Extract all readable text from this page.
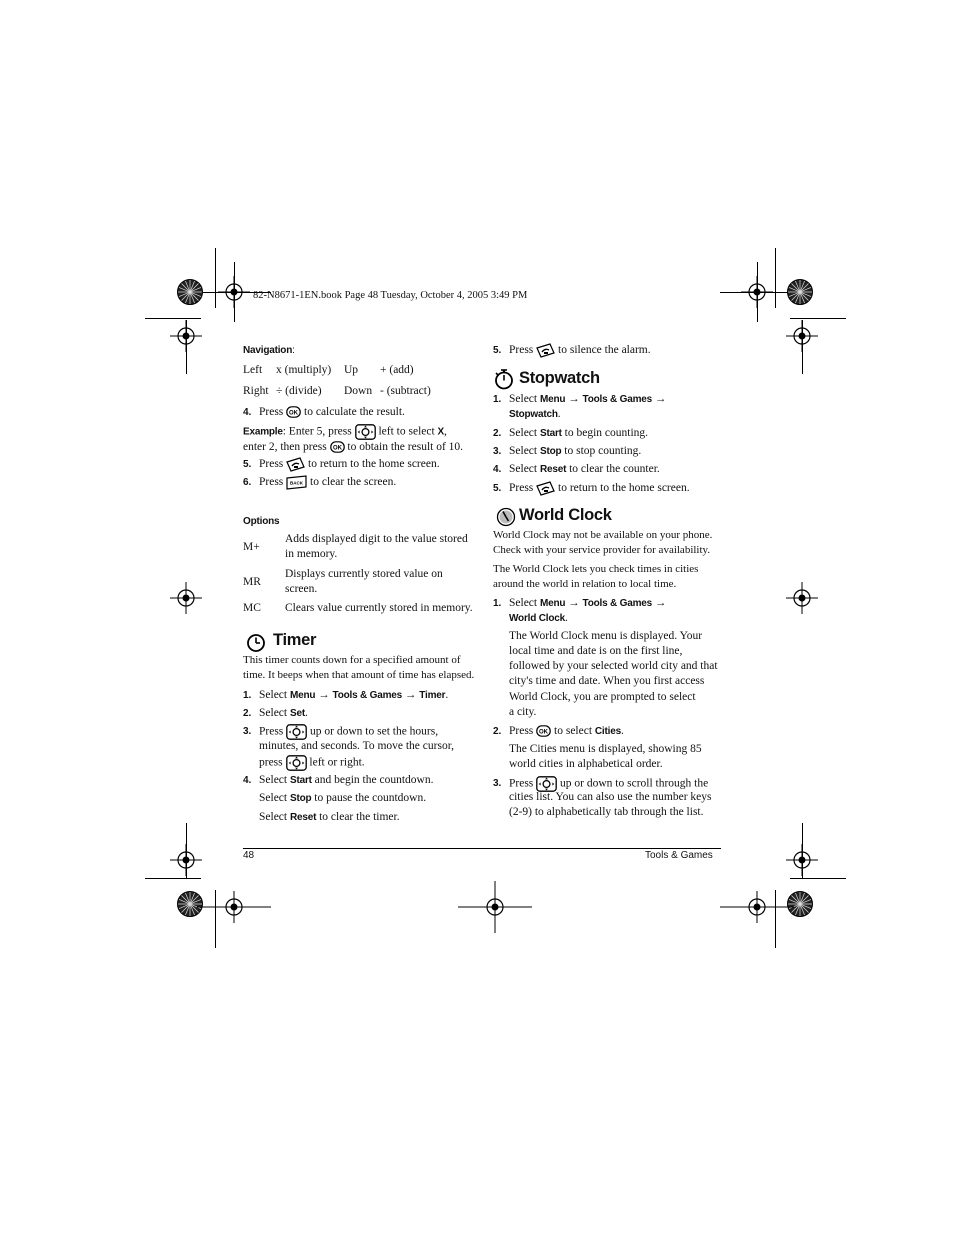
82-N8671-1EN.book Page 48 Tuesday, October 4, 2005 3:49 PM
Navigation:
Left x (multiply) Up + (add)
Right ÷ (divide) Down - (subtract)
4. Press OK to calculate the result.
Example: Enter 5, press left to select X,
enter 2, then press OK to obtain the result of 10.
5. Press to return to the home screen.
6. Press BACK to clear the screen.
Options
M+
Adds displayed digit to the value stored
in memory.
MR
Displays currently stored value on
screen.
MC Clears value currently stored in memory.
Timer
This timer counts down for a specified amount of
time. It beeps when that amount of time has elapsed.
1. Select Menu → Tools & Games → Timer.
2. Select Set.
3. Press up or down to set the hours,
minutes, and seconds. To move the cursor,
press left or right.
4. Select Start and begin the countdown.
Select Stop to pause the countdown.
Select Reset to clear the timer.
5. Press to silence the alarm.
Stopwatch
1. Select Menu → Tools & Games →
Stopwatch.
2. Select Start to begin counting.
3. Select Stop to stop counting.
4. Select Reset to clear the counter.
5. Press to return to the home screen.
World Clock
World Clock may not be available on your phone.
Check with your service provider for availability.
The World Clock lets you check times in cities
around the world in relation to local time.
1. Select Menu → Tools & Games →
World Clock.
The World Clock menu is displayed. Your
local time and date is on the first line,
followed by your selected world city and that
city's time and date. When you first access
World Clock, you are prompted to select
a city.
2. Press OK to select Cities.
The Cities menu is displayed, showing 85
world cities in alphabetical order.
3. Press up or down to scroll through the
cities list. You can also use the number keys
(2-9) to alphabetically tab through the list.
48	Tools & Games
